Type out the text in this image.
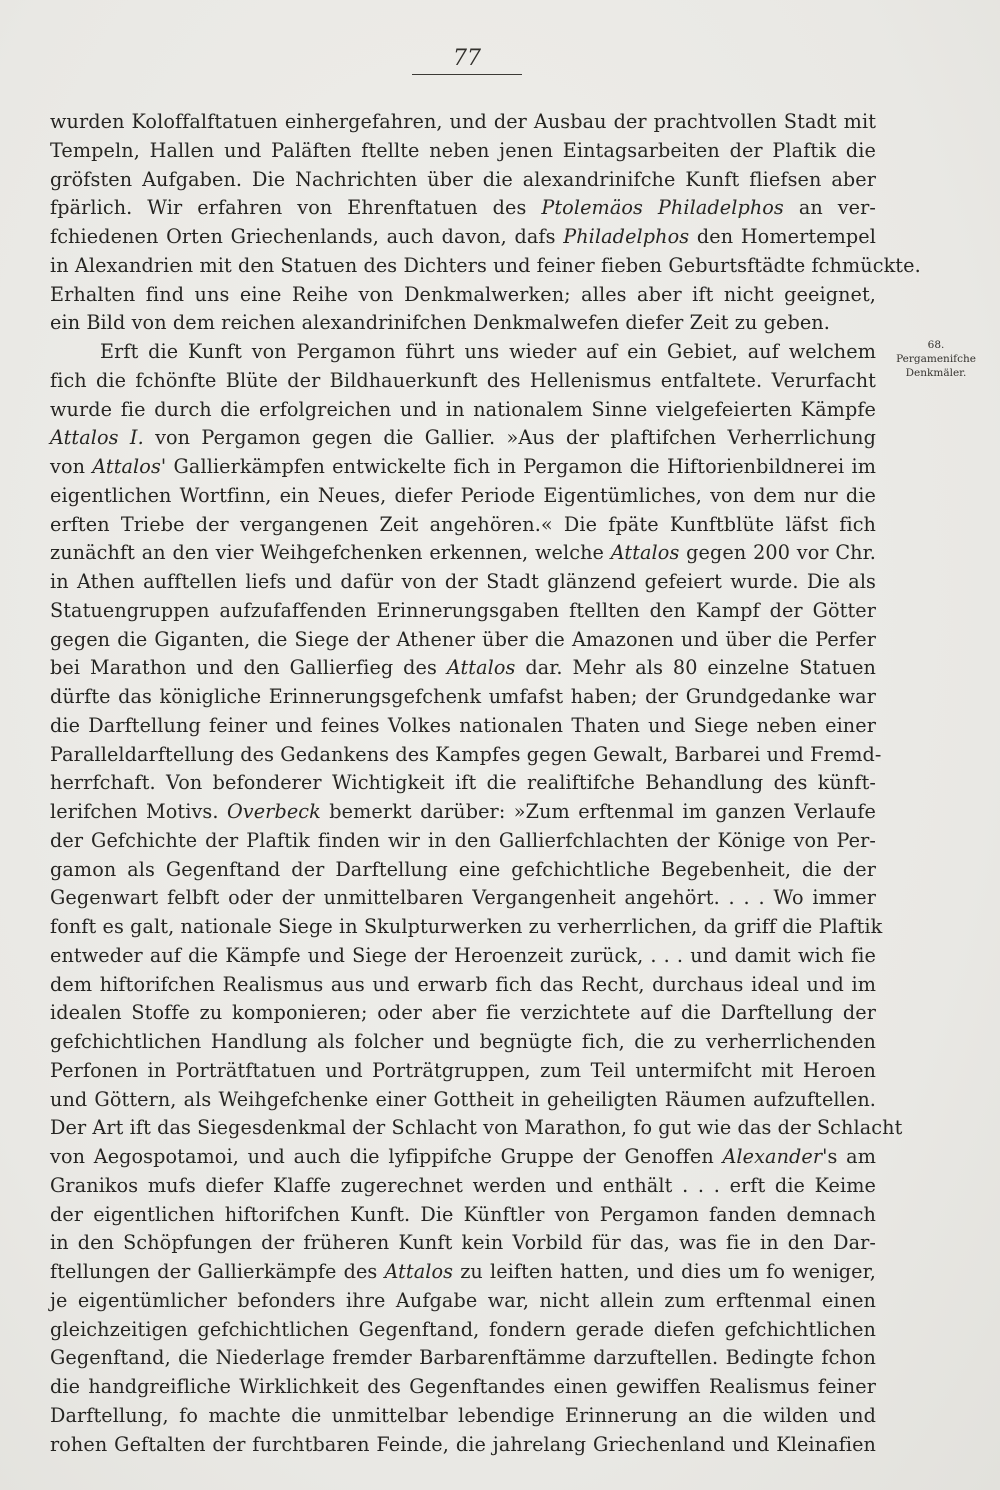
77
68.
Pergamenifche
Denkmäler.
wurden Koloffalftatuen einhergefahren, und der Ausbau der prachtvollen Stadt mit
Tempeln, Hallen und Paläften ftellte neben jenen Eintagsarbeiten der Plaftik die
gröfsten Aufgaben. Die Nachrichten über die alexandrinifche Kunft fliefsen aber
fpärlich. Wir erfahren von Ehrenftatuen des Ptolemäos Philadelphos an ver-
fchiedenen Orten Griechenlands, auch davon, dafs Philadelphos den Homertempel
in Alexandrien mit den Statuen des Dichters und feiner fieben Geburtsftädte fchmückte.
Erhalten find uns eine Reihe von Denkmalwerken; alles aber ift nicht geeignet,
ein Bild von dem reichen alexandrinifchen Denkmalwefen diefer Zeit zu geben.
Erft die Kunft von Pergamon führt uns wieder auf ein Gebiet, auf welchem
fich die fchönfte Blüte der Bildhauerkunft des Hellenismus entfaltete. Verurfacht
wurde fie durch die erfolgreichen und in nationalem Sinne vielgefeierten Kämpfe
Attalos I. von Pergamon gegen die Gallier. »Aus der plaftifchen Verherrlichung
von Attalos' Gallierkämpfen entwickelte fich in Pergamon die Hiftorienbildnerei im
eigentlichen Wortfinn, ein Neues, diefer Periode Eigentümliches, von dem nur die
erften Triebe der vergangenen Zeit angehören.« Die fpäte Kunftblüte läfst fich
zunächft an den vier Weihgefchenken erkennen, welche Attalos gegen 200 vor Chr.
in Athen aufftellen liefs und dafür von der Stadt glänzend gefeiert wurde. Die als
Statuengruppen aufzufaffenden Erinnerungsgaben ftellten den Kampf der Götter
gegen die Giganten, die Siege der Athener über die Amazonen und über die Perfer
bei Marathon und den Gallierfieg des Attalos dar. Mehr als 80 einzelne Statuen
dürfte das königliche Erinnerungsgefchenk umfafst haben; der Grundgedanke war
die Darftellung feiner und feines Volkes nationalen Thaten und Siege neben einer
Paralleldarftellung des Gedankens des Kampfes gegen Gewalt, Barbarei und Fremd-
herrfchaft. Von befonderer Wichtigkeit ift die realiftifche Behandlung des künft-
lerifchen Motivs. Overbeck bemerkt darüber: »Zum erftenmal im ganzen Verlaufe
der Gefchichte der Plaftik finden wir in den Gallierfchlachten der Könige von Per-
gamon als Gegenftand der Darftellung eine gefchichtliche Begebenheit, die der
Gegenwart felbft oder der unmittelbaren Vergangenheit angehört. . . . Wo immer
fonft es galt, nationale Siege in Skulpturwerken zu verherrlichen, da griff die Plaftik
entweder auf die Kämpfe und Siege der Heroenzeit zurück, . . . und damit wich fie
dem hiftorifchen Realismus aus und erwarb fich das Recht, durchaus ideal und im
idealen Stoffe zu komponieren; oder aber fie verzichtete auf die Darftellung der
gefchichtlichen Handlung als folcher und begnügte fich, die zu verherrlichenden
Perfonen in Porträtftatuen und Porträtgruppen, zum Teil untermifcht mit Heroen
und Göttern, als Weihgefchenke einer Gottheit in geheiligten Räumen aufzuftellen.
Der Art ift das Siegesdenkmal der Schlacht von Marathon, fo gut wie das der Schlacht
von Aegospotamoi, und auch die lyfippifche Gruppe der Genoffen Alexander's am
Granikos mufs diefer Klaffe zugerechnet werden und enthält . . . erft die Keime
der eigentlichen hiftorifchen Kunft. Die Künftler von Pergamon fanden demnach
in den Schöpfungen der früheren Kunft kein Vorbild für das, was fie in den Dar-
ftellungen der Gallierkämpfe des Attalos zu leiften hatten, und dies um fo weniger,
je eigentümlicher befonders ihre Aufgabe war, nicht allein zum erftenmal einen
gleichzeitigen gefchichtlichen Gegenftand, fondern gerade diefen gefchichtlichen
Gegenftand, die Niederlage fremder Barbarenftämme darzuftellen. Bedingte fchon
die handgreifliche Wirklichkeit des Gegenftandes einen gewiffen Realismus feiner
Darftellung, fo machte die unmittelbar lebendige Erinnerung an die wilden und
rohen Geftalten der furchtbaren Feinde, die jahrelang Griechenland und Kleinafien
